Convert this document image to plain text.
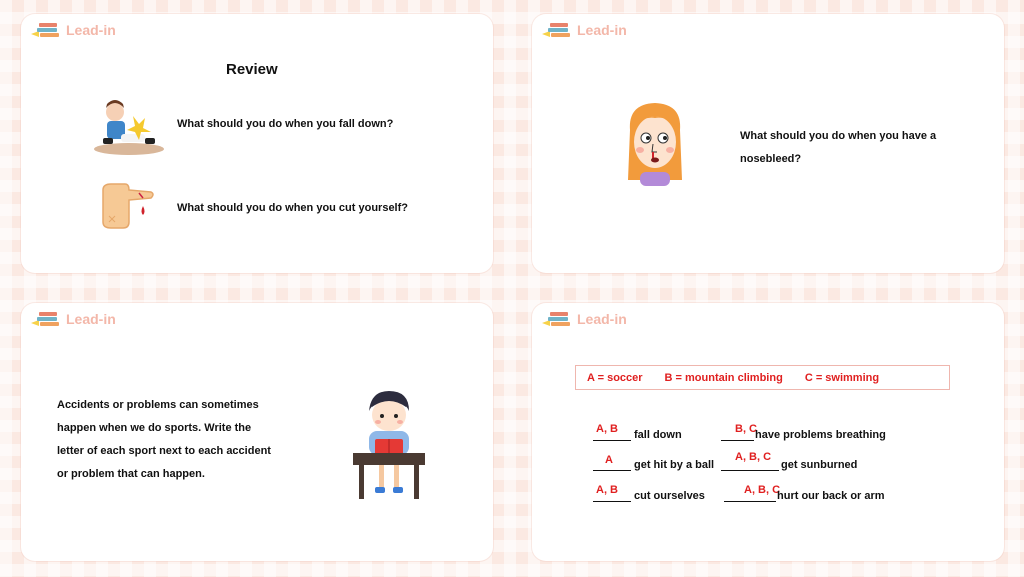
Lead-in
Review
What should you do when you fall down?
What should you do when you cut yourself?
Lead-in
What should you do when you have a
nosebleed?
Lead-in
Accidents or problems can sometimes
happen when we do sports. Write the
letter of each sport next to each accident
or problem that can happen.
Lead-in
A = soccer B = mountain climbing C = swimming
A, B fall down	B, C
have problems breathing
A get hit by a ball
A, B, C
get sunburned
A, B cut ourselves	A, B, C
hurt our back or arm
